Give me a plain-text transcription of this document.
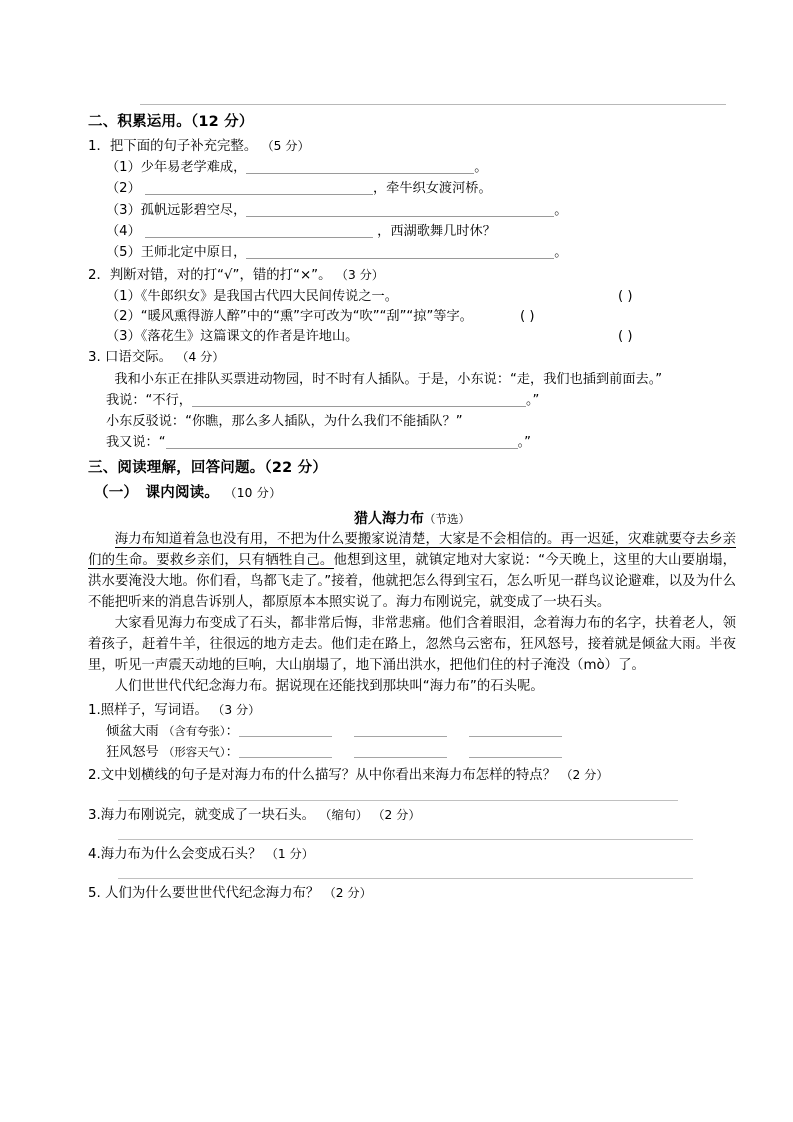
二、积累运用。（12 分）
1．把下面的句子补充完整。 （5 分）
（1）少年易老学难成，	。
（2）	，牵牛织女渡河桥。
（3）孤帆远影碧空尽，	。
（4）	，西湖歌舞几时休？
（5）王师北定中原日，	。
2．判断对错，对的打“√”，错的打“×”。 （3 分）
（1）《牛郎织女》是我国古代四大民间传说之一。	( )
（2）“暖风熏得游人醉”中的“熏”字可改为“吹”“刮”“掠”等字。	( )
（3）《落花生》这篇课文的作者是许地山。	( )
3. 口语交际。 （4 分）

我和小东正在排队买票进动物园，时不时有人插队。于是，小东说：“走，我们也插到前面去。”

我说：“不行，	。”
小东反驳说：“你瞧，那么多人插队，为什么我们不能插队？”
我又说：“	。”
三、阅读理解，回答问题。（22 分）
（一）　课内阅读。 （10 分）
猎人海力布（节选）

海力布知道着急也没有用，不把为什么要搬家说清楚，大家是不会相信的。再一迟延，灾难就要夺去乡亲们的生命。要救乡亲们，只有牺牲自己。他想到这里，就镇定地对大家说：“今天晚上，这里的大山要崩塌，洪水要淹没大地。你们看，鸟都飞走了。”接着，他就把怎么得到宝石，怎么听见一群鸟议论避难，以及为什么不能把听来的消息告诉别人，都原原本本照实说了。海力布刚说完，就变成了一块石头。

大家看见海力布变成了石头，都非常后悔，非常悲痛。他们含着眼泪，念着海力布的名字，扶着老人，领着孩子，赶着牛羊，往很远的地方走去。他们走在路上，忽然乌云密布，狂风怒号，接着就是倾盆大雨。半夜里，听见一声震天动地的巨响，大山崩塌了，地下涌出洪水，把他们住的村子淹没（mò）了。

人们世世代代纪念海力布。据说现在还能找到那块叫“海力布”的石头呢。

1.照样子，写词语。 （3 分）
倾盆大雨 （含有夸张）：
狂风怒号 （形容天气）：
2.文中划横线的句子是对海力布的什么描写？从中你看出来海力布怎样的特点？ （2 分）
3.海力布刚说完，就变成了一块石头。 （缩句） （2 分）
4.海力布为什么会变成石头？ （1 分）
5. 人们为什么要世世代代纪念海力布？ （2 分）
